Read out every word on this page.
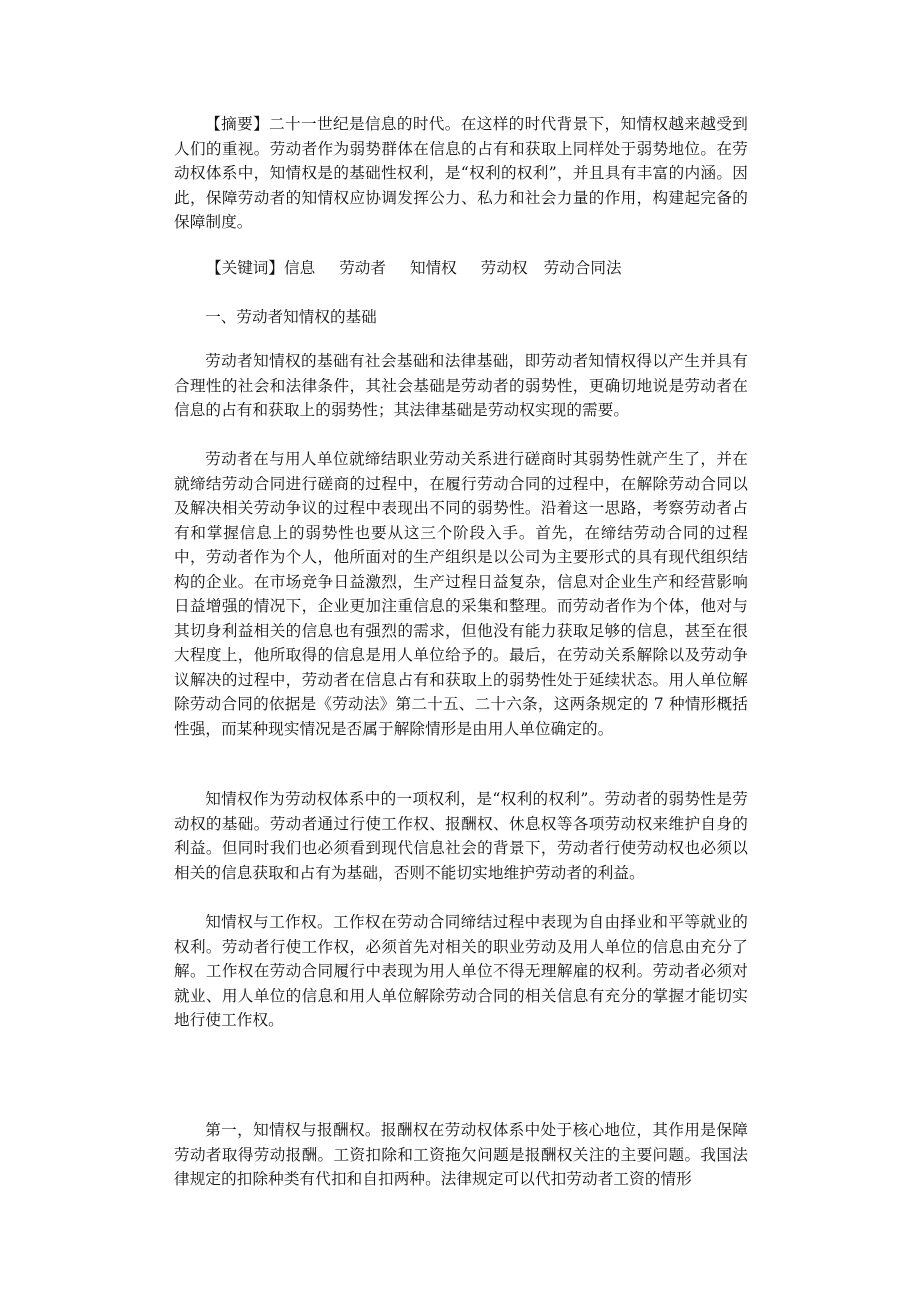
【摘要】二十一世纪是信息的时代。在这样的时代背景下，知情权越来越受到人们的重视。劳动者作为弱势群体在信息的占有和获取上同样处于弱势地位。在劳动权体系中，知情权是的基础性权利，是“权利的权利”，并且具有丰富的内涵。因此，保障劳动者的知情权应协调发挥公力、私力和社会力量的作用，构建起完备的保障制度。

【关键词】 信息 劳动者 知情权 劳动权 劳动合同法

一、劳动者知情权的基础

劳动者知情权的基础有社会基础和法律基础，即劳动者知情权得以产生并具有合理性的社会和法律条件，其社会基础是劳动者的弱势性，更确切地说是劳动者在信息的占有和获取上的弱势性；其法律基础是劳动权实现的需要。

劳动者在与用人单位就缔结职业劳动关系进行磋商时其弱势性就产生了，并在就缔结劳动合同进行磋商的过程中，在履行劳动合同的过程中，在解除劳动合同以及解决相关劳动争议的过程中表现出不同的弱势性。沿着这一思路，考察劳动者占有和掌握信息上的弱势性也要从这三个阶段入手。首先，在缔结劳动合同的过程中，劳动者作为个人，他所面对的生产组织是以公司为主要形式的具有现代组织结构的企业。在市场竞争日益激烈，生产过程日益复杂，信息对企业生产和经营影响日益增强的情况下，企业更加注重信息的采集和整理。而劳动者作为个体，他对与其切身利益相关的信息也有强烈的需求，但他没有能力获取足够的信息，甚至在很大程度上，他所取得的信息是用人单位给予的。最后，在劳动关系解除以及劳动争议解决的过程中，劳动者在信息占有和获取上的弱势性处于延续状态。用人单位解除劳动合同的依据是《劳动法》第二十五、二十六条，这两条规定的 7 种情形概括性强，而某种现实情况是否属于解除情形是由用人单位确定的。

知情权作为劳动权体系中的一项权利，是“权利的权利”。劳动者的弱势性是劳动权的基础。劳动者通过行使工作权、报酬权、休息权等各项劳动权来维护自身的利益。但同时我们也必须看到现代信息社会的背景下，劳动者行使劳动权也必须以相关的信息获取和占有为基础，否则不能切实地维护劳动者的利益。

知情权与工作权。工作权在劳动合同缔结过程中表现为自由择业和平等就业的权利。劳动者行使工作权，必须首先对相关的职业劳动及用人单位的信息由充分了解。工作权在劳动合同履行中表现为用人单位不得无理解雇的权利。劳动者必须对就业、用人单位的信息和用人单位解除劳动合同的相关信息有充分的掌握才能切实地行使工作权。

第一，知情权与报酬权。报酬权在劳动权体系中处于核心地位，其作用是保障劳动者取得劳动报酬。工资扣除和工资拖欠问题是报酬权关注的主要问题。我国法律规定的扣除种类有代扣和自扣两种。法律规定可以代扣劳动者工资的情形
